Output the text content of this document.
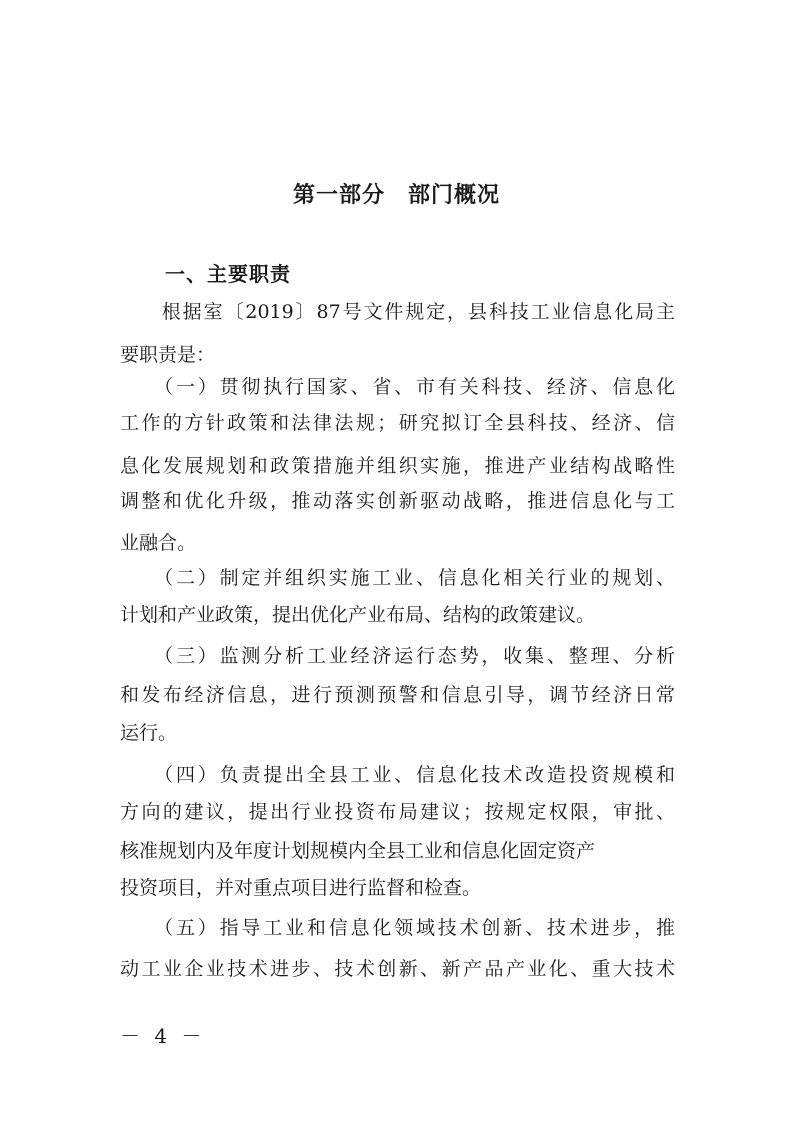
第一部分　部门概况
一、主要职责
　　根据室〔2019〕87号文件规定，县科技工业信息化局主
要职责是：
　　（一）贯彻执行国家、省、市有关科技、经济、信息化
工作的方针政策和法律法规；研究拟订全县科技、经济、信
息化发展规划和政策措施并组织实施，推进产业结构战略性
调整和优化升级，推动落实创新驱动战略，推进信息化与工
业融合。
　　（二）制定并组织实施工业、信息化相关行业的规划、
计划和产业政策，提出优化产业布局、结构的政策建议。
　　（三）监测分析工业经济运行态势，收集、整理、分析
和发布经济信息，进行预测预警和信息引导，调节经济日常
运行。
　　（四）负责提出全县工业、信息化技术改造投资规模和
方向的建议，提出行业投资布局建议；按规定权限，审批、
核准规划内及年度计划规模内全县工业和信息化固定资产
投资项目，并对重点项目进行监督和检查。
　　（五）指导工业和信息化领域技术创新、技术进步，推
动工业企业技术进步、技术创新、新产品产业化、重大技术
－ 4 －
